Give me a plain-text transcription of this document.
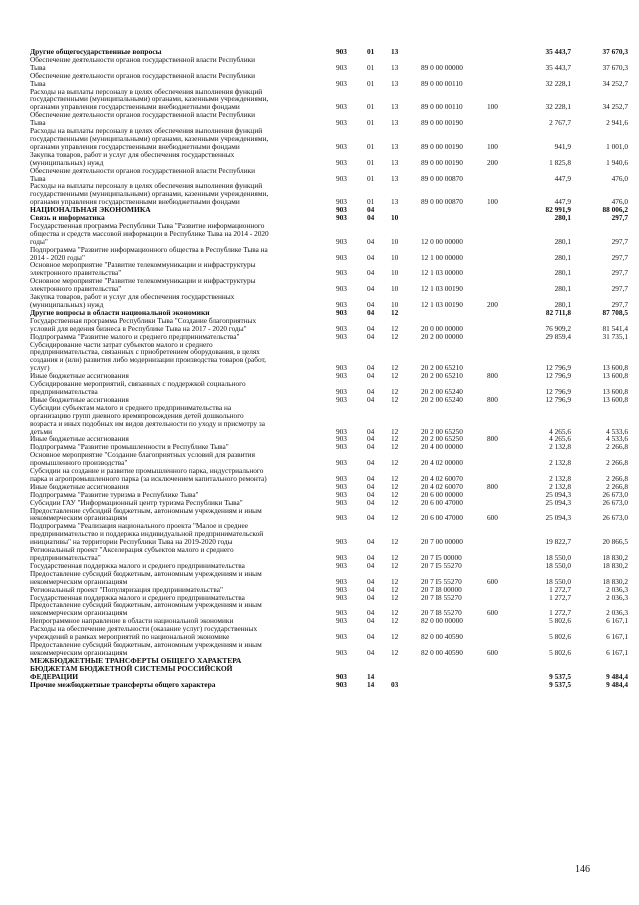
Другие общегосударственные вопросы	903	01 13	35 443,7	37 670,3
Обеспечение деятельности органов государственной власти Республики
Тыва	903	01 13	89 0 00 00000	35 443,7	37 670,3
Обеспечение деятельности органов государственной власти Республики
Тыва	903	01 13	89 0 00 00110	32 228,1	34 252,7
Расходы на выплаты персоналу в целях обеспечения выполнения функций
государственными (муниципальными) органами, казенными учреждениями,
органами управления государственными внебюджетными фондами	903	01 13	89 0 00 00110	100	32 228,1	34 252,7
Обеспечение деятельности органов государственной власти Республики
Тыва	903	01 13	89 0 00 00190	2 767,7	2 941,6
Расходы на выплаты персоналу в целях обеспечения выполнения функций
государственными (муниципальными) органами, казенными учреждениями,
органами управления государственными внебюджетными фондами	903	01 13	89 0 00 00190	100	941,9	1 001,0
Закупка товаров, работ и услуг для обеспечения государственных
(муниципальных) нужд	903	01 13	89 0 00 00190	200	1 825,8	1 940,6
Обеспечение деятельности органов государственной власти Республики
Тыва	903	01 13	89 0 00 00870	447,9	476,0
Расходы на выплаты персоналу в целях обеспечения выполнения функций
государственными (муниципальными) органами, казенными учреждениями,
органами управления государственными внебюджетными фондами	903	01 13	89 0 00 00870	100	447,9	476,0
НАЦИОНАЛЬНАЯ ЭКОНОМИКА	903	04	82 991,9	88 006,2
Связь и информатика	903	04 10	280,1	297,7
Государственная программа Республики Тыва "Развитие информационного
общества и средств массовой информации в Республике Тыва на 2014 - 2020
годы"	903	04 10	12 0 00 00000	280,1	297,7
Подпрограмма "Развитие информационного общества в Республике Тыва на
2014 - 2020 годы"	903	04 10	12 1 00 00000	280,1	297,7
Основное мероприятие "Развитие телекоммуникации и инфраструктуры
электронного правительства"	903	04 10	12 1 03 00000	280,1	297,7
Основное мероприятие "Развитие телекоммуникации и инфраструктуры
электронного правительства"	903	04 10	12 1 03 00190	280,1	297,7
Закупка товаров, работ и услуг для обеспечения государственных
(муниципальных) нужд	903	04 10	12 1 03 00190	200	280,1	297,7
Другие вопросы в области национальной экономики	903	04 12	82 711,8	87 708,5
Государственная программа Республики Тыва "Создание благоприятных
условий для ведения бизнеса в Республике Тыва на 2017 - 2020 годы"	903	04 12	20 0 00 00000	76 909,2	81 541,4
Подпрограмма "Развитие малого и среднего предпринимательства"	903	04 12	20 2 00 00000	29 859,4	31 735,1
Субсидирование части затрат субъектов малого и среднего
предпринимательства, связанных с приобретением оборудования, в целях
создания и (или) развития либо модернизации производства товаров (работ,
услуг)	903	04 12	20 2 00 65210	12 796,9	13 600,8
Иные бюджетные ассигнования	903	04 12	20 2 00 65210	800	12 796,9	13 600,8
Субсидирование мероприятий, связанных с поддержкой социального
предпринимательства	903	04 12	20 2 00 65240	12 796,9	13 600,8
Иные бюджетные ассигнования	903	04 12	20 2 00 65240	800	12 796,9	13 600,8
Субсидии субъектам малого и среднего предпринимательства на
организацию групп дневного времяпровождения детей дошкольного
возраста и иных подобных им видов деятельности по уходу и присмотру за
детьми	903	04 12	20 2 00 65250	4 265,6	4 533,6
Иные бюджетные ассигнования	903	04 12	20 2 00 65250	800	4 265,6	4 533,6
Подпрограмма "Развитие промышленности в Республике Тыва"	903	04 12	20 4 00 00000	2 132,8	2 266,8
Основное мероприятие "Создание благоприятных условий для развития
промышленного производства"	903	04 12	20 4 02 00000	2 132,8	2 266,8
Субсидии на создание и развитие промышленного парка, индустриального
парка и агропромышленного парка (за исключением капитального ремонта)	903	04 12	20 4 02 60070	2 132,8	2 266,8
Иные бюджетные ассигнования	903	04 12	20 4 02 60070	800	2 132,8	2 266,8
Подпрограмма "Развитие туризма в Республике Тыва"	903	04 12	20 6 00 00000	25 094,3	26 673,0
Субсидии ГАУ "Информационный центр туризма Республики Тыва"	903	04 12	20 6 00 47000	25 094,3	26 673,0
Предоставление субсидий бюджетным, автономным учреждениям и иным
некоммерческим организациям	903	04 12	20 6 00 47000	600	25 094,3	26 673,0
Подпрограмма "Реализация национального проекта "Малое и среднее
предпринимательство и поддержка индивидуальной предпринимательской
инициативы" на территории Республики Тыва на 2019-2020 годы	903	04 12	20 7 00 00000	19 822,7	20 866,5
Региональный проект "Акселерация субъектов малого и среднего
предпринимательства"	903	04 12	20 7 I5 00000	18 550,0	18 830,2
Государственная поддержка малого и среднего предпринимательства	903	04 12	20 7 I5 55270	18 550,0	18 830,2
Предоставление субсидий бюджетным, автономным учреждениям и иным
некоммерческим организациям	903	04 12	20 7 I5 55270	600	18 550,0	18 830,2
Региональный проект "Популяризация предпринимательства"	903	04 12	20 7 I8 00000	1 272,7	2 036,3
Государственная поддержка малого и среднего предпринимательства	903	04 12	20 7 I8 55270	1 272,7	2 036,3
Предоставление субсидий бюджетным, автономным учреждениям и иным
некоммерческим организациям	903	04 12	20 7 I8 55270	600	1 272,7	2 036,3
Непрограммное направление в области национальной экономики	903	04 12	82 0 00 00000	5 802,6	6 167,1
Расходы на обеспечение деятельности (оказание услуг) государственных
учреждений в рамках мероприятий по национальной экономике	903	04 12	82 0 00 40590	5 802,6	6 167,1
Предоставление субсидий бюджетным, автономным учреждениям и иным
некоммерческим организациям	903	04 12	82 0 00 40590	600	5 802,6	6 167,1
МЕЖБЮДЖЕТНЫЕ ТРАНСФЕРТЫ ОБЩЕГО ХАРАКТЕРА
БЮДЖЕТАМ БЮДЖЕТНОЙ СИСТЕМЫ РОССИЙСКОЙ
ФЕДЕРАЦИИ	903	14	9 537,5	9 484,4
Прочие межбюджетные трансферты общего характера	903	14 03	9 537,5	9 484,4
146
